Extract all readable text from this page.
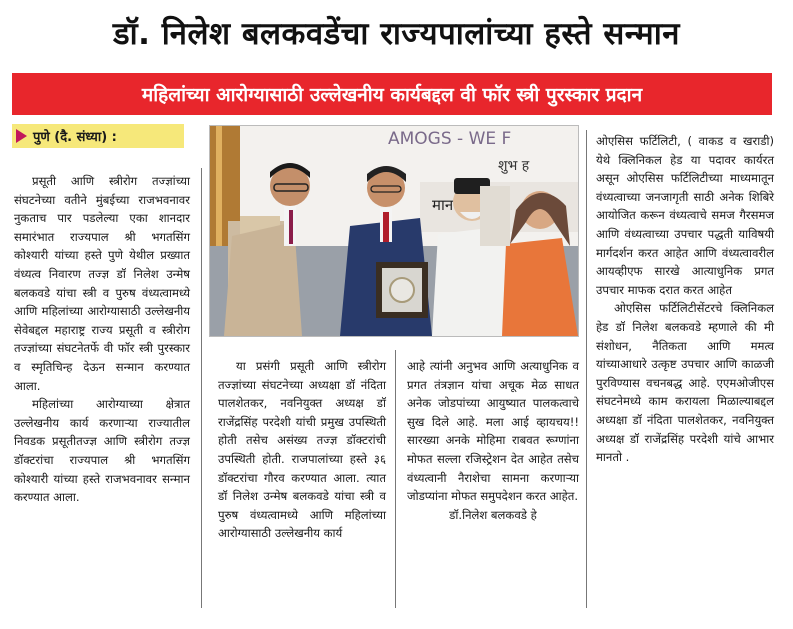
डॉ. निलेश बलकवडेंचा राज्यपालांच्या हस्ते सन्मान
महिलांच्या आरोग्यासाठी उल्लेखनीय कार्यबद्दल वी फॉर स्त्री पुरस्कार प्रदान
पुणे (दै. संध्या) :	AMOGS - WE F
शुभ ह
मान

प्रसूती आणि स्त्रीरोग तज्ज्ञांच्या संघटनेच्या वतीने मुंबईच्या राजभवनावर नुकताच पार पडलेल्या एका शानदार समारंभात राज्यपाल श्री भगतसिंग कोश्यारी यांच्या हस्ते पुणे येथील प्रख्यात वंध्यत्व निवारण तज्ज्ञ डॉ निलेश उन्मेष बलकवडे यांचा स्त्री व पुरुष वंध्यत्वामध्ये आणि महिलांच्या आरोग्यासाठी उल्लेखनीय सेवेबद्दल महाराष्ट्र राज्य प्रसूती व स्त्रीरोग तज्ज्ञांच्या संघटनेतर्फे वी फॉर स्त्री पुरस्कार व स्मृतिचिन्ह देऊन सन्मान करण्यात आला.

महिलांच्या आरोग्याच्या क्षेत्रात उल्लेखनीय कार्य करणाऱ्या राज्यातील निवडक प्रसूतीतज्ज्ञ आणि स्त्रीरोग तज्ज्ञ डॉक्टरांचा राज्यपाल श्री भगतसिंग कोश्यारी यांच्या हस्ते राजभवनावर सन्मान करण्यात आला.

या प्रसंगी प्रसूती आणि स्त्रीरोग तज्ज्ञांच्या संघटनेच्या अध्यक्षा डॉ नंदिता पालशेतकर, नवनियुक्त अध्यक्ष डॉ राजेंद्रसिंह परदेशी यांची प्रमुख उपस्थिती होती तसेच असंख्य तज्ज्ञ डॉक्टरांची उपस्थिती होती. राजपालांच्या हस्ते ३६ डॉक्टरांचा गौरव करण्यात आला. त्यात डॉ निलेश उन्मेष बलकवडे यांचा स्त्री व पुरुष वंध्यत्वामध्ये आणि महिलांच्या आरोग्यासाठी उल्लेखनीय कार्य

आहे त्यांनी अनुभव आणि अत्याधुनिक व प्रगत तंत्रज्ञान यांचा अचूक मेळ साधत अनेक जोडपांच्या आयुष्यात पालकत्वाचे सुख दिले आहे. मला आई व्हायचय!! सारख्या अनके मोहिमा राबवत रूग्णांना मोफत सल्ला रजिस्ट्रेशन देत आहेत तसेच वंध्यत्वानी नैराशेचा सामना करणाऱ्या जोडप्यांना मोफत समुपदेशन करत आहेत.

डॉ.निलेश बलकवडे हे

ओएसिस फर्टिलिटी, ( वाकड व खराडी) येथे क्लिनिकल हेड या पदावर कार्यरत असून ओएसिस फर्टिलिटीच्या माध्यमातून वंध्यत्वाच्या जनजागृती साठी अनेक शिबिरे आयोजित करून वंध्यत्वाचे समज गैरसमज आणि वंध्यत्वाच्या उपचार पद्धती याविषयी मार्गदर्शन करत आहेत आणि वंध्यत्वावरील आयव्हीएफ सारखे आत्याधुनिक प्रगत उपचार माफक दरात करत आहेत

ओएसिस फर्टिलिटीसेंटरचे क्लिनिकल हेड डॉ निलेश बलकवडे म्हणाले की मी संशोधन, नैतिकता आणि ममत्व यांच्याआधारे उत्कृष्ट उपचार आणि काळजी पुरविण्यास वचनबद्ध आहे. एएमओजीएस संघटनेमध्ये काम करायला मिळाल्याबद्दल अध्यक्षा डॉ नंदिता पालशेतकर, नवनियुक्त अध्यक्ष डॉ राजेंद्रसिंह परदेशी यांचे आभार मानतो .
